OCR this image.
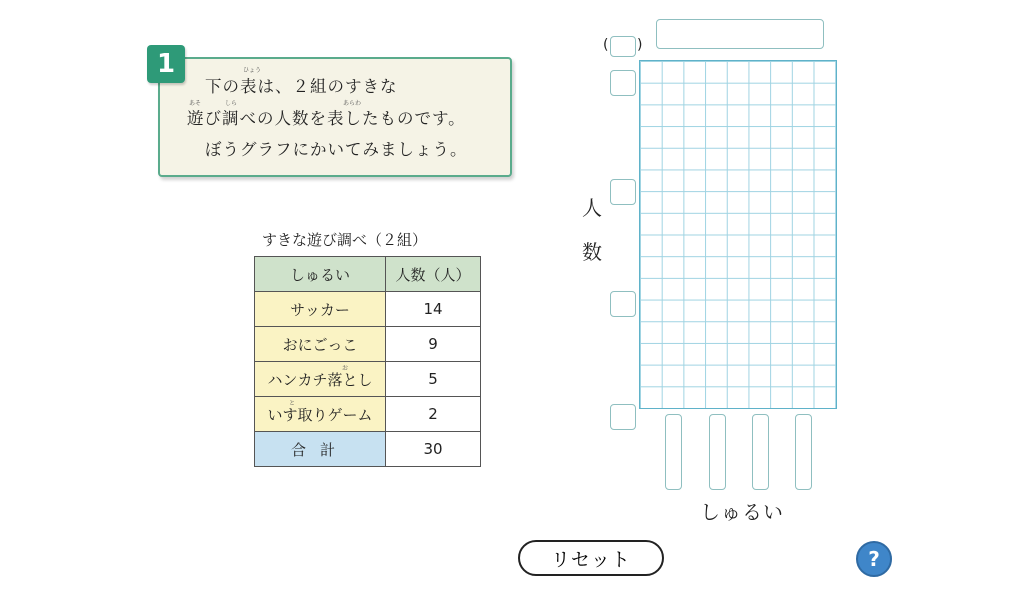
1	ひょう
下の表は、２組のすきな
あそ	しら	あらわ
遊び調べの人数を表したものです。
ぼうグラフにかいてみましょう。
すきな遊び調べ（２組）
しゅるい	人数（人）
サッカー	14
おにごっこ	9

お
ハンカチ落とし	5

と
いす取りゲーム	2
合計	30
( )
人
数
しゅるい
リセット	?
